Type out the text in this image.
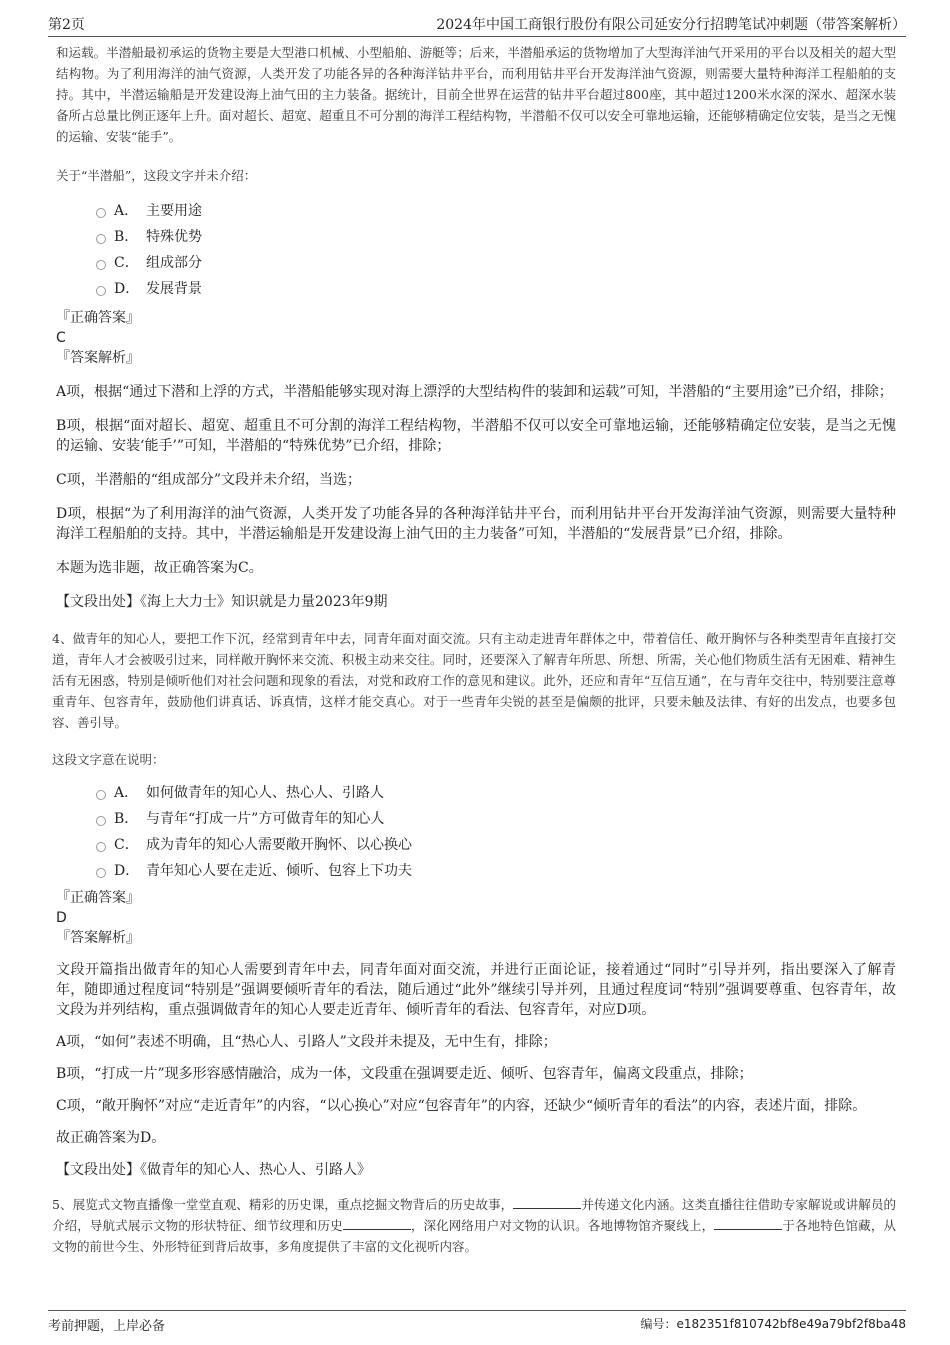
第2页	2024年中国工商银行股份有限公司延安分行招聘笔试冲刺题（带答案解析）

和运载。半潜船最初承运的货物主要是大型港口机械、小型船舶、游艇等；后来，半潜船承运的货物增加了大型海洋油气开采用的平台以及相关的超大型结构物。为了利用海洋的油气资源，人类开发了功能各异的各种海洋钻井平台，而利用钻井平台开发海洋油气资源，则需要大量特种海洋工程船舶的支持。其中，半潜运输船是开发建设海上油气田的主力装备。据统计，目前全世界在运营的钻井平台超过800座，其中超过1200米水深的深水、超深水装备所占总量比例正逐年上升。面对超长、超宽、超重且不可分割的海洋工程结构物，半潜船不仅可以安全可靠地运输，还能够精确定位安装，是当之无愧的运输、安装“能手”。

关于“半潜船”，这段文字并未介绍：

A． 主要用途
B． 特殊优势
C． 组成部分
D． 发展背景
『正确答案』
C
『答案解析』

A项，根据“通过下潜和上浮的方式，半潜船能够实现对海上漂浮的大型结构件的装卸和运载”可知，半潜船的“主要用途”已介绍，排除；

B项，根据“面对超长、超宽、超重且不可分割的海洋工程结构物，半潜船不仅可以安全可靠地运输，还能够精确定位安装，是当之无愧的运输、安装‘能手’”可知，半潜船的“特殊优势”已介绍，排除；

C项，半潜船的“组成部分”文段并未介绍，当选；

D项，根据“为了利用海洋的油气资源，人类开发了功能各异的各种海洋钻井平台，而利用钻井平台开发海洋油气资源，则需要大量特种海洋工程船舶的支持。其中，半潜运输船是开发建设海上油气田的主力装备”可知，半潜船的“发展背景”已介绍，排除。

本题为选非题，故正确答案为C。

【文段出处】《海上大力士》知识就是力量2023年9期

4、做青年的知心人，要把工作下沉，经常到青年中去，同青年面对面交流。只有主动走进青年群体之中，带着信任、敞开胸怀与各种类型青年直接打交道，青年人才会被吸引过来，同样敞开胸怀来交流、积极主动来交往。同时，还要深入了解青年所思、所想、所需，关心他们物质生活有无困难、精神生活有无困惑，特别是倾听他们对社会问题和现象的看法，对党和政府工作的意见和建议。此外，还应和青年“互信互通”，在与青年交往中，特别要注意尊重青年、包容青年，鼓励他们讲真话、诉真情，这样才能交真心。对于一些青年尖锐的甚至是偏颇的批评，只要未触及法律、有好的出发点，也要多包容、善引导。

这段文字意在说明：

A． 如何做青年的知心人、热心人、引路人
B． 与青年“打成一片”方可做青年的知心人
C． 成为青年的知心人需要敞开胸怀、以心换心
D． 青年知心人要在走近、倾听、包容上下功夫
『正确答案』
D
『答案解析』

文段开篇指出做青年的知心人需要到青年中去，同青年面对面交流，并进行正面论证，接着通过“同时”引导并列，指出要深入了解青年，随即通过程度词“特别是”强调要倾听青年的看法，随后通过“此外”继续引导并列，且通过程度词“特别”强调要尊重、包容青年，故文段为并列结构，重点强调做青年的知心人要走近青年、倾听青年的看法、包容青年，对应D项。

A项，“如何”表述不明确，且“热心人、引路人”文段并未提及，无中生有，排除；

B项，“打成一片”现多形容感情融洽，成为一体，文段重在强调要走近、倾听、包容青年，偏离文段重点，排除；

C项，“敞开胸怀”对应“走近青年”的内容，“以心换心”对应“包容青年”的内容，还缺少“倾听青年的看法”的内容，表述片面，排除。

故正确答案为D。

【文段出处】《做青年的知心人、热心人、引路人》

5、展览式文物直播像一堂堂直观、精彩的历史课，重点挖掘文物背后的历史故事，	并传递文化内涵。这类直播往往借助专家解说或讲解员的介绍，导航式展示文物的形状特征、细节纹理和历史	，深化网络用户对文物的认识。各地博物馆齐聚线上，	于各地特色馆藏，从文物的前世今生、外形特征到背后故事，多角度提供了丰富的文化视听内容。

考前押题，上岸必备	编号：e182351f810742bf8e49a79bf2f8ba48
